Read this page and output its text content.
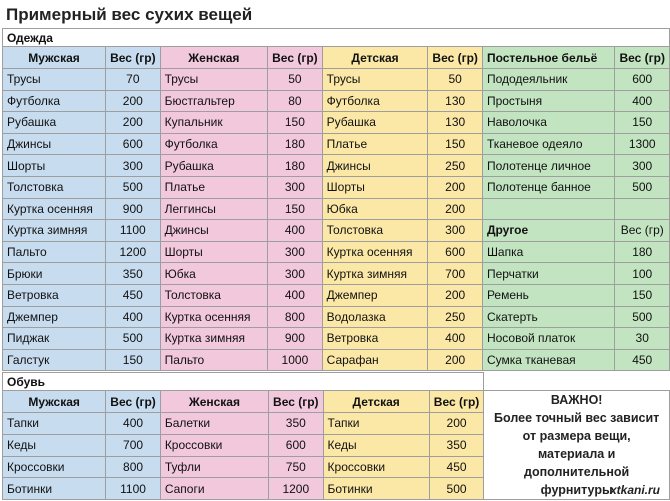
Примерный вес сухих вещей
Одежда							
Мужская	Вес (гр)	Женская	Вес (гр)	Детская	Вес (гр)	Постельное бельё	Вес (гр)
Трусы	70	Трусы	50	Трусы	50	Пододеяльник	600
Футболка	200	Бюстгальтер	80	Футболка	130	Простыня	400
Рубашка	200	Купальник	150	Рубашка	130	Наволочка	150
Джинсы	600	Футболка	180	Платье	150	Тканевое одеяло	1300
Шорты	300	Рубашка	180	Джинсы	250	Полотенце личное	300
Толстовка	500	Платье	300	Шорты	200	Полотенце банное	500
Куртка осенняя	900	Леггинсы	150	Юбка	200		
Куртка зимняя	1100	Джинсы	400	Толстовка	300	Другое	Вес (гр)
Пальто	1200	Шорты	300	Куртка осенняя	600	Шапка	180
Брюки	350	Юбка	300	Куртка зимняя	700	Перчатки	100
Ветровка	450	Толстовка	400	Джемпер	200	Ремень	150
Джемпер	400	Куртка осенняя	800	Водолазка	250	Скатерть	500
Пиджак	500	Куртка зимняя	900	Ветровка	400	Носовой платок	30
Галстук	150	Пальто	1000	Сарафан	200	Сумка тканевая	450
Обувь						
Мужская	Вес (гр)	Женская	Вес (гр)	Детская	Вес (гр)	ВАЖНО!
Более точный вес зависит
от размера вещи,
материала и
дополнительной фурнитуры

Тапки	400	Балетки	350	Тапки	200	
Кеды	700	Кроссовки	600	Кеды	350	
Кроссовки	800	Туфли	750	Кроссовки	450	
Ботинки	1100	Сапоги	1200	Ботинки	500		xtkani.ru
